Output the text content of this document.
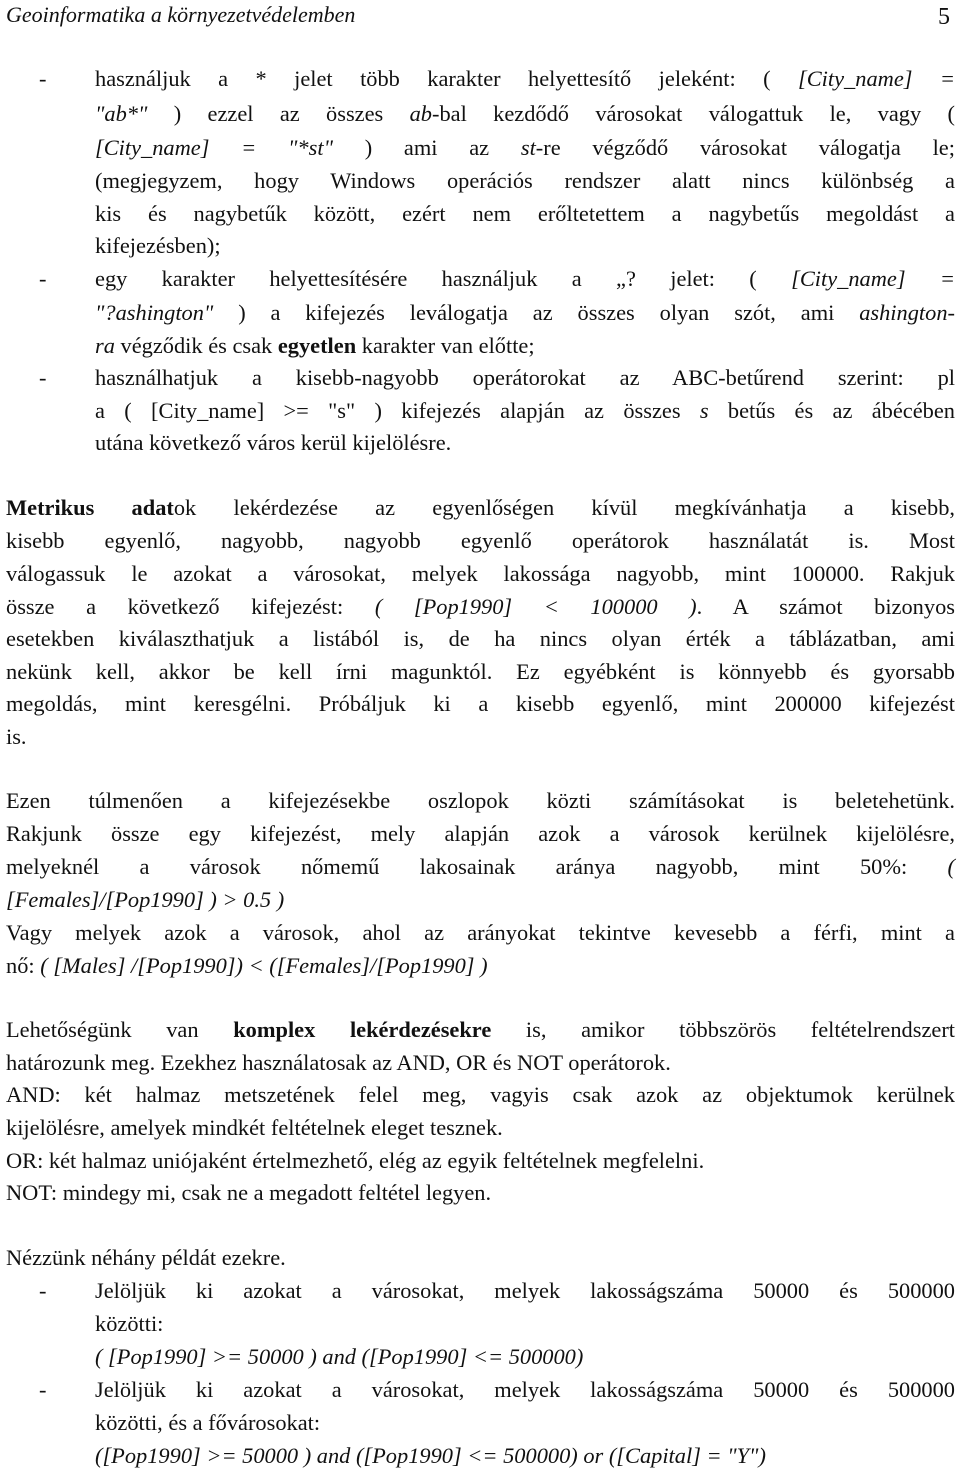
Geoinformatika a környezetvédelemben	5
- használjuk a * jelet több karakter helyettesítő jeleként: ( [City_name] =
"ab*" ) ezzel az összes ab-bal kezdődő városokat válogattuk le, vagy (
[City_name] = "*st" ) ami az st-re végződő városokat válogatja le;
(megjegyzem, hogy Windows operációs rendszer alatt nincs különbség a
kis és nagybetűk között, ezért nem erőltetettem a nagybetűs megoldást a
kifejezésben);
- egy karakter helyettesítésére használjuk a „? jelet: ( [City_name] =
"?ashington" ) a kifejezés leválogatja az összes olyan szót, ami ashington-
ra végződik és csak egyetlen karakter van előtte;
- használhatjuk a kisebb-nagyobb operátorokat az ABC-betűrend szerint: pl
a ( [City_name] >= "s" ) kifejezés alapján az összes s betűs és az ábécében
utána következő város kerül kijelölésre.
Metrikus adatok lekérdezése az egyenlőségen kívül megkívánhatja a kisebb,
kisebb egyenlő, nagyobb, nagyobb egyenlő operátorok használatát is. Most
válogassuk le azokat a városokat, melyek lakossága nagyobb, mint 100000. Rakjuk
össze a következő kifejezést: ( [Pop1990] < 100000 ). A számot bizonyos
esetekben kiválaszthatjuk a listából is, de ha nincs olyan érték a táblázatban, ami
nekünk kell, akkor be kell írni magunktól. Ez egyébként is könnyebb és gyorsabb
megoldás, mint keresgélni. Próbáljuk ki a kisebb egyenlő, mint 200000 kifejezést
is.
Ezen túlmenően a kifejezésekbe oszlopok közti számításokat is beletehetünk.
Rakjunk össze egy kifejezést, mely alapján azok a városok kerülnek kijelölésre,
melyeknél a városok nőmemű lakosainak aránya nagyobb, mint 50%: (
[Females]/[Pop1990] ) > 0.5 )
Vagy melyek azok a városok, ahol az arányokat tekintve kevesebb a férfi, mint a
nő: ( [Males] /[Pop1990]) < ([Females]/[Pop1990] )
Lehetőségünk van komplex lekérdezésekre is, amikor többszörös feltételrendszert
határozunk meg. Ezekhez használatosak az AND, OR és NOT operátorok.
AND: két halmaz metszetének felel meg, vagyis csak azok az objektumok kerülnek
kijelölésre, amelyek mindkét feltételnek eleget tesznek.
OR: két halmaz uniójaként értelmezhető, elég az egyik feltételnek megfelelni.
NOT: mindegy mi, csak ne a megadott feltétel legyen.
Nézzünk néhány példát ezekre.
- Jelöljük ki azokat a városokat, melyek lakosságszáma 50000 és 500000
közötti:
( [Pop1990] >= 50000 ) and ([Pop1990] <= 500000)
- Jelöljük ki azokat a városokat, melyek lakosságszáma 50000 és 500000
közötti, és a fővárosokat:
([Pop1990] >= 50000 ) and ([Pop1990] <= 500000) or ([Capital] = "Y")
